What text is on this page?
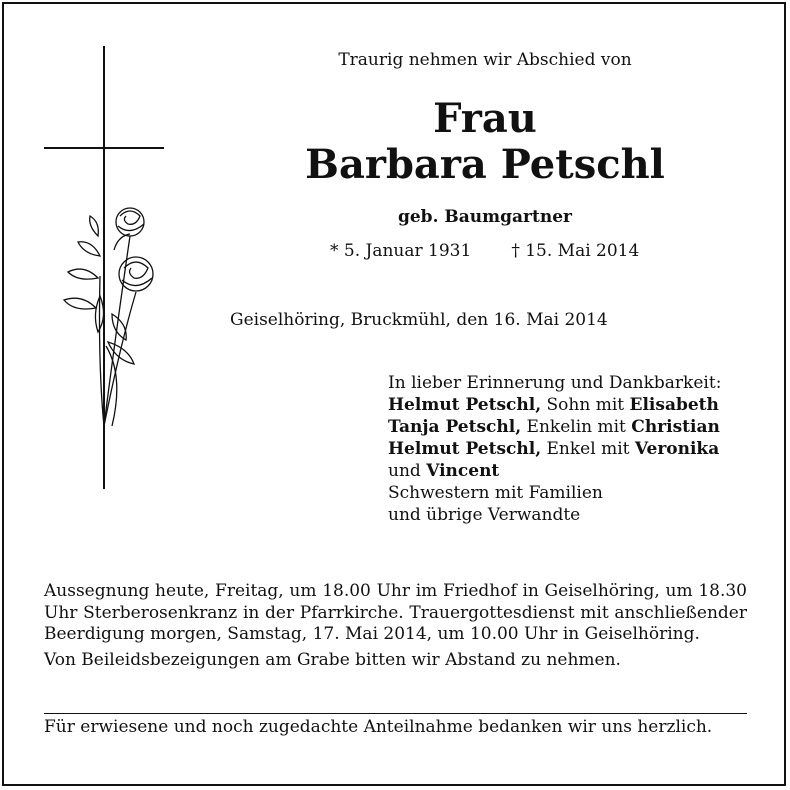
Traurig nehmen wir Abschied von
Frau
Barbara Petschl
geb. Baumgartner
* 5. Januar 1931 † 15. Mai 2014
Geiselhöring, Bruckmühl, den 16. Mai 2014
In lieber Erinnerung und Dankbarkeit:
Helmut Petschl, Sohn mit Elisabeth
Tanja Petschl, Enkelin mit Christian
Helmut Petschl, Enkel mit Veronika
und Vincent
Schwestern mit Familien
und übrige Verwandte

Aussegnung heute, Freitag, um 18.00 Uhr im Friedhof in Geiselhöring, um 18.30 Uhr Sterberosenkranz in der Pfarrkirche. Trauergottesdienst mit anschließender Beerdigung morgen, Samstag, 17. Mai 2014, um 10.00 Uhr in Geiselhöring.

Von Beileidsbezeigungen am Grabe bitten wir Abstand zu nehmen.

Für erwiesene und noch zugedachte Anteilnahme bedanken wir uns herzlich.
